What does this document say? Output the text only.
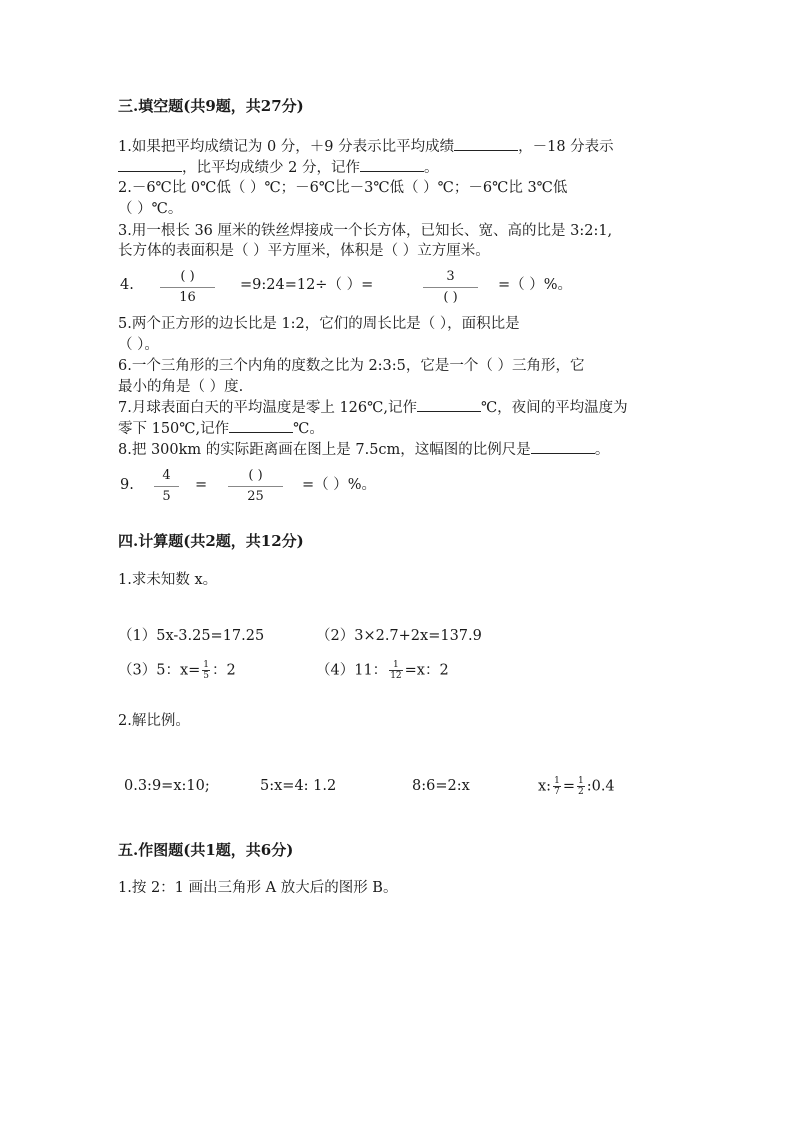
三.填空题(共9题，共27分)
1.如果把平均成绩记为 0 分，＋9 分表示比平均成绩	，－18 分表示
，比平均成绩少 2 分，记作	。
2.－6℃比 0℃低（ ）℃；－6℃比－3℃低（ ）℃；－6℃比 3℃低
（ ）℃。
3.用一根长 36 厘米的铁丝焊接成一个长方体，已知长、宽、高的比是 3:2:1,
长方体的表面积是（ ）平方厘米，体积是（ ）立方厘米。
4.
( )
16
=9:24=12÷（ ）=
3
( )
=（ ）%。
5.两个正方形的边长比是 1:2，它们的周长比是（ ），面积比是
（ ）。
6.一个三角形的三个内角的度数之比为 2:3:5，它是一个（ ）三角形，它
最小的角是（ ）度.
7.月球表面白天的平均温度是零上 126℃,记作	℃，夜间的平均温度为
零下 150℃,记作	℃。
8.把 300km 的实际距离画在图上是 7.5cm，这幅图的比例尺是	。
9.
4
5
=
( )
25
=（ ）%。
四.计算题(共2题，共12分)
1.求未知数 x。
（1）5x-3.25=17.25	（2）3×2.7+2x=137.9
（3）5：$x= \frac{1}{5}$ ：2	（4）11： $\frac{1}{12} =x$：2
2.解比例。
0.3:9=x:10;	5:x=4: 1.2	8:6=2:x	x: $\frac{1}{7} = \frac{1}{2}$ :0.4
五.作图题(共1题，共6分)
1.按 2：1 画出三角形 A 放大后的图形 B。
